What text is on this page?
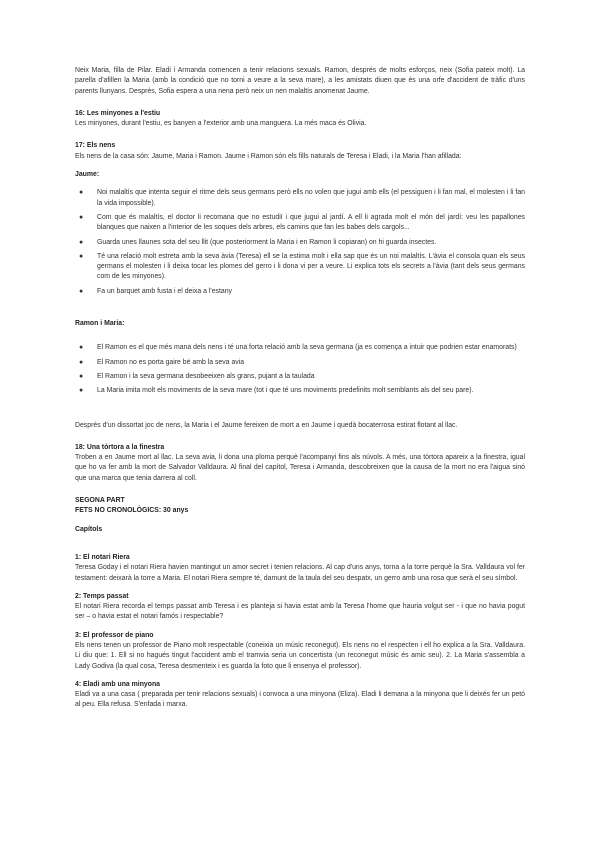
Neix Maria, filla de Pilar. Eladi i Armanda comencen a tenir relacions sexuals. Ramon, després de molts esforços, neix (Sofia pateix molt). La parella d'afillen la Maria (amb la condició que no torni a veure a la seva mare), a les amistats diuen que és una orfe d'accident de tràfic d'uns parents llunyans. Després, Sofia espera a una nena però neix un nen malaltís anomenat Jaume.

16: Les minyones a l'estiu

Les minyones, durant l'estiu, es banyen a l'exterior amb una manguera. La més maca és Olivia.

17: Els nens

Els nens de la casa són: Jaume, Maria i Ramon. Jaume i Ramon són els fills naturals de Teresa i Eladi, i la Maria l'han afillada:

Jaume:

● Noi malaltís que intenta seguir el ritme dels seus germans però ells no volen que jugui amb ells (el pessiguen i li fan mal, el molesten i li fan la vida impossible).
● Com que és malaltís, el doctor li recomana que no estudiï i que jugui al jardí. A ell li agrada molt el món del jardí: veu les papallones blanques que naixen a l'interior de les soques dels arbres, els camins que fan les babes dels cargols...
● Guarda unes llaunes sota del seu llit (que posteriorment la Maria i en Ramon li copiaran) on hi guarda insectes.
● Té una relació molt estreta amb la seva àvia (Teresa) ell se la estima molt i ella sap que és un noi malaltís. L'àvia el consola quan els seus germans el molesten i li deixa tocar les plomes del gerro i li dona vi per a veure. Li explica tots els secrets a l'àvia (tant dels seus germans com de les minyones).
● Fa un barquet amb fusta i el deixa a l'estany

Ramon i Maria:

● El Ramon es el que més mana dels nens i té una forta relació amb la seva germana (ja es comença a intuir que podrien estar enamorats)
● El Ramon no es porta gaire bé amb la seva avia
● El Ramon i la seva germana desobeeixen als grans, pujant a la taulada
● La Maria imita molt els moviments de la seva mare (tot i que té uns moviments predefinits molt semblants als del seu pare).

Després d'un dissortat joc de nens, la Maria i el Jaume fereixen de mort a en Jaume i quedà bocaterrosa estirat flotant al llac.

18: Una tórtora a la finestra

Troben a en Jaume mort al llac. La seva avia, li dona una ploma perquè l'acompanyi fins als núvols. A més, una tórtora apareix a la finestra, igual que ho va fer amb la mort de Salvador Valldaura. Al final del capítol, Teresa i Armanda, descobreixen que la causa de la mort no era l'aigua sinó que una marca que tenia darrera al coll.

SEGONA PART

FETS NO CRONOLÒGICS: 30 anys

Capítols

1: El notari Riera

Teresa Goday i el notari Riera havien mantingut un amor secret i tenien relacions. Al cap d'uns anys, torna a la torre perquè la Sra. Valldaura vol fer testament: deixarà la torre a Maria. El notari Riera sempre té, damunt de la taula del seu despatx, un gerro amb una rosa que serà el seu símbol.

2: Temps passat

El notari Riera recorda el temps passat amb Teresa i es planteja si havia estat amb la Teresa l'home que hauria volgut ser - i que no havia pogut ser – o havia estat el notari famós i respectable?

3: El professor de piano

Els nens tenen un professor de Piano molt respectable (coneixia un músic reconegut). Els nens no el respecten i ell ho explica a la Sra. Valldaura. Li diu que: 1. Ell si no hagués tingut l'accident amb el tramvia seria un concertista (un reconegut músic és amic seu). 2. La Maria s'assembla a Lady Godiva (la qual cosa, Teresa desmenteix i es guarda la foto que li ensenya el professor).

4: Eladi amb una minyona

Eladi va a una casa ( preparada per tenir relacions sexuals) i convoca a una minyona (Eliza). Eladi li demana a la minyona que li deixés fer un petó al peu. Ella refusa. S'enfada i marxa.
